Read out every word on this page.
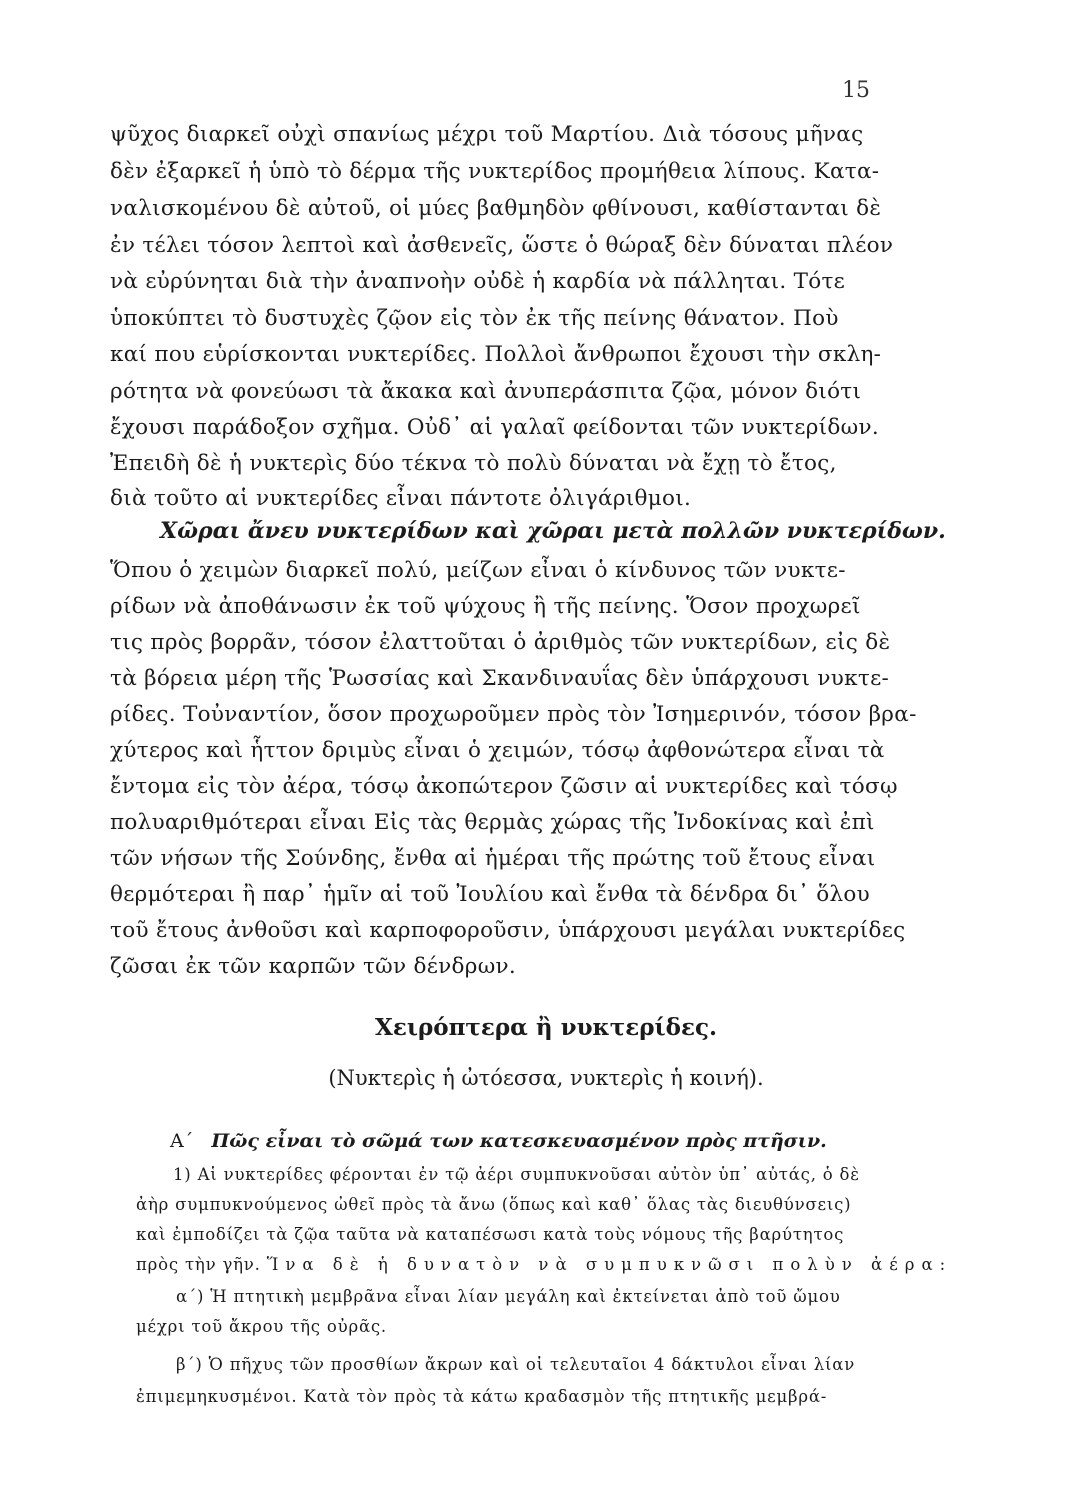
15
ψῦχος διαρκεῖ οὐχὶ σπανίως μέχρι τοῦ Μαρτίου. Διὰ τόσους μῆνας
δὲν ἐξαρκεῖ ἡ ὑπὸ τὸ δέρμα τῆς νυκτερίδος προμήθεια λίπους. Κατα-
ναλισκομένου δὲ αὐτοῦ, οἱ μύες βαθμηδὸν φθίνουσι, καθίστανται δὲ
ἐν τέλει τόσον λεπτοὶ καὶ ἀσθενεῖς, ὥστε ὁ θώραξ δὲν δύναται πλέον
νὰ εὐρύνηται διὰ τὴν ἀναπνοὴν οὐδὲ ἡ καρδία νὰ πάλληται. Τότε
ὑποκύπτει τὸ δυστυχὲς ζῷον εἰς τὸν ἐκ τῆς πείνης θάνατον. Ποὺ
καί που εὑρίσκονται νυκτερίδες. Πολλοὶ ἄνθρωποι ἔχουσι τὴν σκλη-
ρότητα νὰ φονεύωσι τὰ ἄκακα καὶ ἀνυπεράσπιτα ζῷα, μόνον διότι
ἔχουσι παράδοξον σχῆμα. Οὐδ᾽ αἱ γαλαῖ φείδονται τῶν νυκτερίδων.
Ἐπειδὴ δὲ ἡ νυκτερὶς δύο τέκνα τὸ πολὺ δύναται νὰ ἔχῃ τὸ ἔτος,
διὰ τοῦτο αἱ νυκτερίδες εἶναι πάντοτε ὀλιγάριθμοι.
Χῶραι ἄνευ νυκτερίδων καὶ χῶραι μετὰ πολλῶν νυκτερίδων.
Ὅπου ὁ χειμὼν διαρκεῖ πολύ, μείζων εἶναι ὁ κίνδυνος τῶν νυκτε-
ρίδων νὰ ἀποθάνωσιν ἐκ τοῦ ψύχους ἢ τῆς πείνης. Ὅσον προχωρεῖ
τις πρὸς βορρᾶν, τόσον ἐλαττοῦται ὁ ἀριθμὸς τῶν νυκτερίδων, εἰς δὲ
τὰ βόρεια μέρη τῆς Ῥωσσίας καὶ Σκανδιναυΐας δὲν ὑπάρχουσι νυκτε-
ρίδες. Τοὐναντίον, ὅσον προχωροῦμεν πρὸς τὸν Ἰσημερινόν, τόσον βρα-
χύτερος καὶ ἧττον δριμὺς εἶναι ὁ χειμών, τόσῳ ἀφθονώτερα εἶναι τὰ
ἔντομα εἰς τὸν ἀέρα, τόσῳ ἀκοπώτερον ζῶσιν αἱ νυκτερίδες καὶ τόσῳ
πολυαριθμότεραι εἶναι Εἰς τὰς θερμὰς χώρας τῆς Ἰνδοκίνας καὶ ἐπὶ
τῶν νήσων τῆς Σούνδης, ἔνθα αἱ ἡμέραι τῆς πρώτης τοῦ ἔτους εἶναι
θερμότεραι ἢ παρ᾽ ἡμῖν αἱ τοῦ Ἰουλίου καὶ ἔνθα τὰ δένδρα δι᾽ ὅλου
τοῦ ἔτους ἀνθοῦσι καὶ καρποφοροῦσιν, ὑπάρχουσι μεγάλαι νυκτερίδες
ζῶσαι ἐκ τῶν καρπῶν τῶν δένδρων.
Χειρόπτερα ἢ νυκτερίδες.
(Νυκτερὶς ἡ ὠτόεσσα, νυκτερὶς ἡ κοινή).
Α΄ Πῶς εἶναι τὸ σῶμά των κατεσκευασμένον πρὸς πτῆσιν.
1) Αἱ νυκτερίδες φέρονται ἐν τῷ ἀέρι συμπυκνοῦσαι αὐτὸν ὑπ᾽ αὐτάς, ὁ δὲ
ἀὴρ συμπυκνούμενος ὠθεῖ πρὸς τὰ ἄνω (ὅπως καὶ καθ᾽ ὅλας τὰς διευθύνσεις)
καὶ ἐμποδίζει τὰ ζῷα ταῦτα νὰ καταπέσωσι κατὰ τοὺς νόμους τῆς βαρύτητος
πρὸς τὴν γῆν. Ἵνα δὲ ἡ δυνατὸν νὰ συμπυκνῶσι πολὺν ἀέρα:
α΄) Ἡ πτητικὴ μεμβρᾶνα εἶναι λίαν μεγάλη καὶ ἐκτείνεται ἀπὸ τοῦ ὤμου
μέχρι τοῦ ἄκρου τῆς οὐρᾶς.
β΄) Ὁ πῆχυς τῶν προσθίων ἄκρων καὶ οἱ τελευταῖοι 4 δάκτυλοι εἶναι λίαν
ἐπιμεμηκυσμένοι. Κατὰ τὸν πρὸς τὰ κάτω κραδασμὸν τῆς πτητικῆς μεμβρά-
